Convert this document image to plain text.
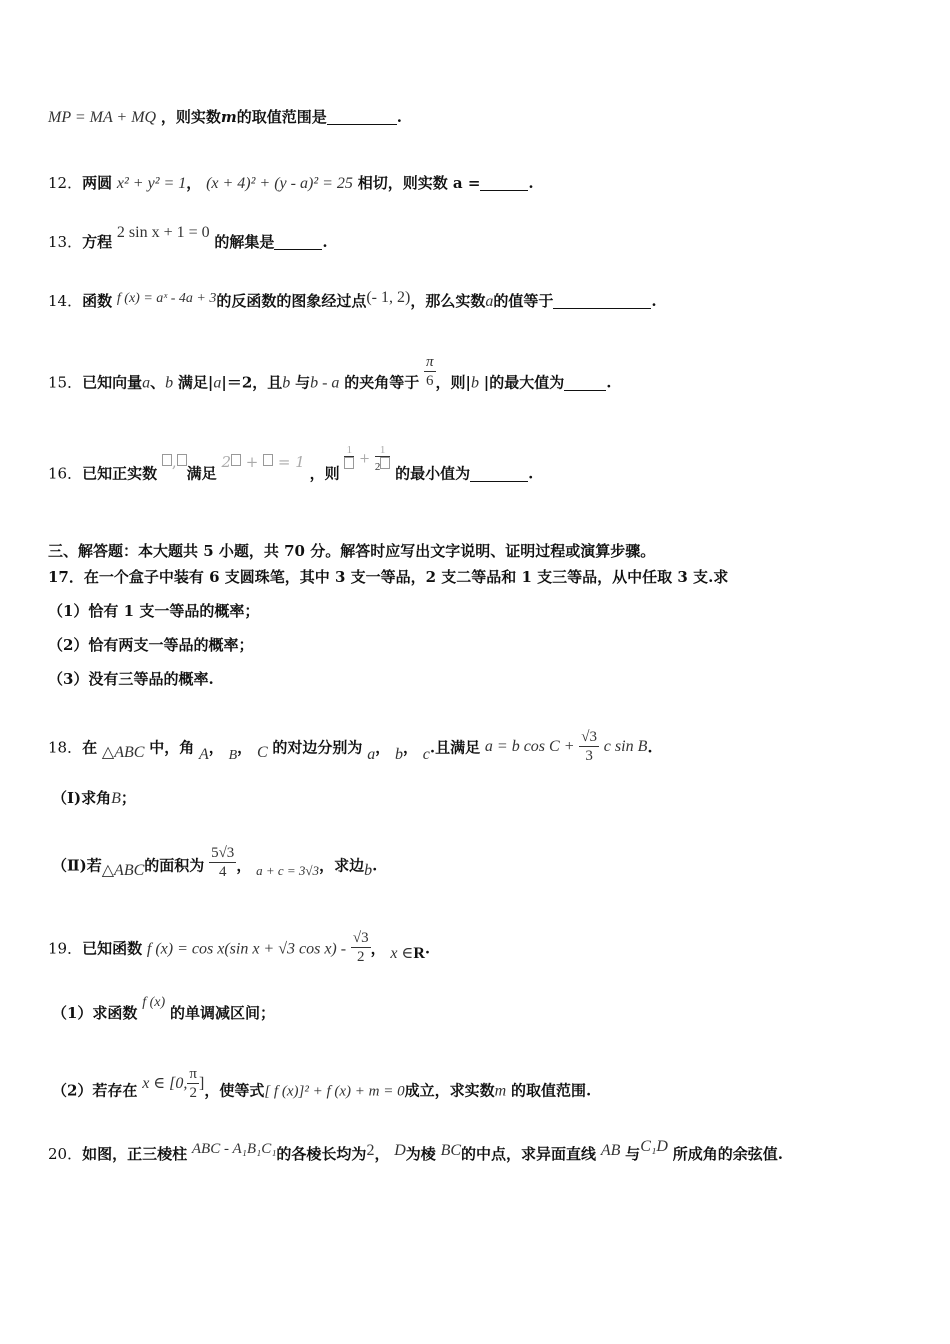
MP = MA + MQ ，则实数m的取值范围是	.
12．两圆 x² + y² = 1， (x + 4)² + (y - a)² = 25 相切，则实数 a =	.
13．方程 2 sin x + 1 = 0 的解集是	.
14．函数 f (x) = aˣ - 4a + 3的反函数的图象经过点(- 1, 2)，那么实数a的值等于	.
15．已知向量a、b 满足|a|＝2，且b 与b - a 的夹角等于 $\frac{\pi}{6}$ ，则|b |的最大值为	.
16．已知正实数 ,满足 2 +  = 1 ，则
1
+ $\frac{1}{2}$
的最小值为	.
三、解答题：本大题共 5 小题，共 70 分。解答时应写出文字说明、证明过程或演算步骤。
17．在一个盒子中装有 6 支圆珠笔，其中 3 支一等品，2 支二等品和 1 支三等品，从中任取 3 支.求
（1）恰有 1 支一等品的概率；
（2）恰有两支一等品的概率；
（3）没有三等品的概率.
18．在 △ABC 中，角 A， B， C 的对边分别为 a， b， c.且满足 a = b $\cos C + \frac{√3}{3}$ c sin B.
（Ⅰ)求角B；
（Ⅱ)若△ABC的面积为 $\frac{5√3}{4}$ ， a + c = 3√3，求边b.
19．已知函数 f (x) = cos x(sin x + √3 $\cos x) - \frac{√3}{2}$ ， x ∈R.
（1）求函数 f (x) 的单调减区间；
（2）若存在 x ∈ [0, $\frac{\pi}{2}$ ]，使等式[ f (x)]² + f (x) + m = 0成立，求实数m 的取值范围.
20．如图，正三棱柱 ABC - A₁B₁C₁的各棱长均为2， D为棱 BC的中点，求异面直线 AB 与C₁D 所成角的余弦值.
